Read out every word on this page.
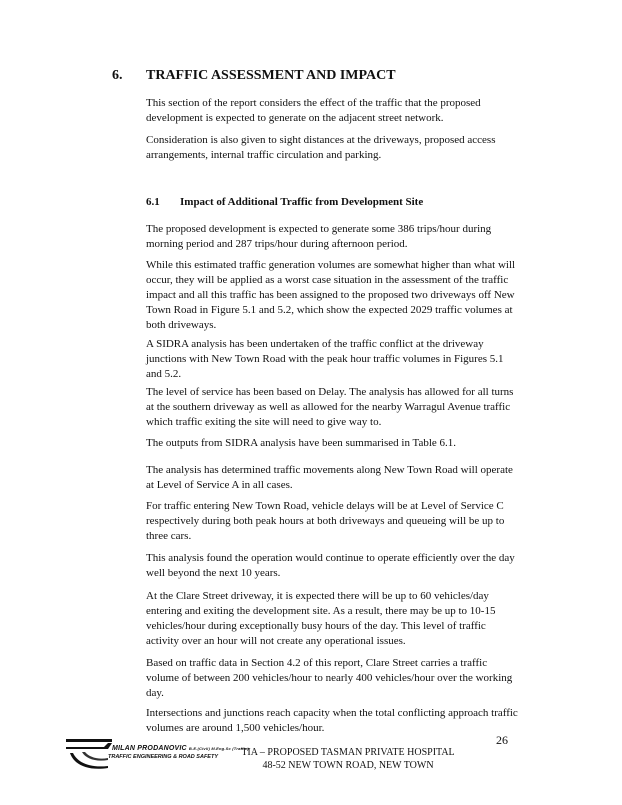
6. TRAFFIC ASSESSMENT AND IMPACT

This section of the report considers the effect of the traffic that the proposed development is expected to generate on the adjacent street network.

Consideration is also given to sight distances at the driveways, proposed access arrangements, internal traffic circulation and parking.

6.1 Impact of Additional Traffic from Development Site

The proposed development is expected to generate some 386 trips/hour during morning period and 287 trips/hour during afternoon period.

While this estimated traffic generation volumes are somewhat higher than what will occur, they will be applied as a worst case situation in the assessment of the traffic impact and all this traffic has been assigned to the proposed two driveways off New Town Road in Figure 5.1 and 5.2, which show the expected 2029 traffic volumes at both driveways.

A SIDRA analysis has been undertaken of the traffic conflict at the driveway junctions with New Town Road with the peak hour traffic volumes in Figures 5.1 and 5.2.

The level of service has been based on Delay. The analysis has allowed for all turns at the southern driveway as well as allowed for the nearby Warragul Avenue traffic which traffic exiting the site will need to give way to.

The outputs from SIDRA analysis have been summarised in Table 6.1.

The analysis has determined traffic movements along New Town Road will operate at Level of Service A in all cases.

For traffic entering New Town Road, vehicle delays will be at Level of Service C respectively during both peak hours at both driveways and queueing will be up to three cars.

This analysis found the operation would continue to operate efficiently over the day well beyond the next 10 years.

At the Clare Street driveway, it is expected there will be up to 60 vehicles/day entering and exiting the development site. As a result, there may be up to 10-15 vehicles/hour during exceptionally busy hours of the day. This level of traffic activity over an hour will not create any operational issues.

Based on traffic data in Section 4.2 of this report, Clare Street carries a traffic volume of between 200 vehicles/hour to nearly 400 vehicles/hour over the working day.

Intersections and junctions reach capacity when the total conflicting approach traffic volumes are around 1,500 vehicles/hour.

26
MILAN PRODANOVIC B.E.(Civil) M.Eng.Sc (Traffic)
TRAFFIC ENGINEERING & ROAD SAFETY	TIA – PROPOSED TASMAN PRIVATE HOSPITAL
48-52 NEW TOWN ROAD, NEW TOWN
